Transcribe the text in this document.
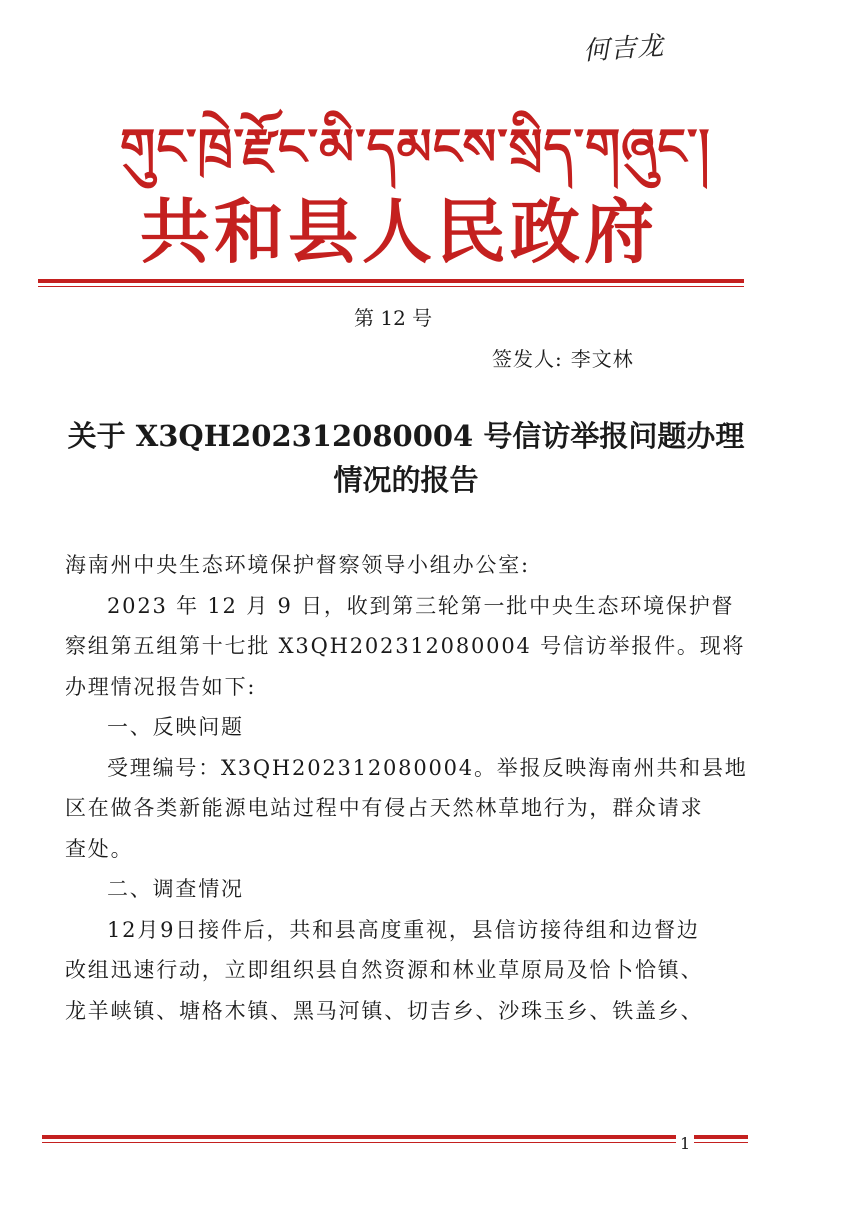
何吉龙
གུང་ཁྲེ་རྫོང་མི་དམངས་སྲིད་གཞུང་།
共和县人民政府
第 12 号
签发人: 李文林
关于 X3QH202312080004 号信访举报问题办理
情况的报告
海南州中央生态环境保护督察领导小组办公室:
2023 年 12 月 9 日，收到第三轮第一批中央生态环境保护督
察组第五组第十七批 X3QH202312080004 号信访举报件。现将
办理情况报告如下:
一、反映问题
受理编号：X3QH202312080004。举报反映海南州共和县地
区在做各类新能源电站过程中有侵占天然林草地行为，群众请求
查处。
二、调查情况
12月9日接件后，共和县高度重视，县信访接待组和边督边
改组迅速行动，立即组织县自然资源和林业草原局及恰卜恰镇、
龙羊峡镇、塘格木镇、黑马河镇、切吉乡、沙珠玉乡、铁盖乡、
1
